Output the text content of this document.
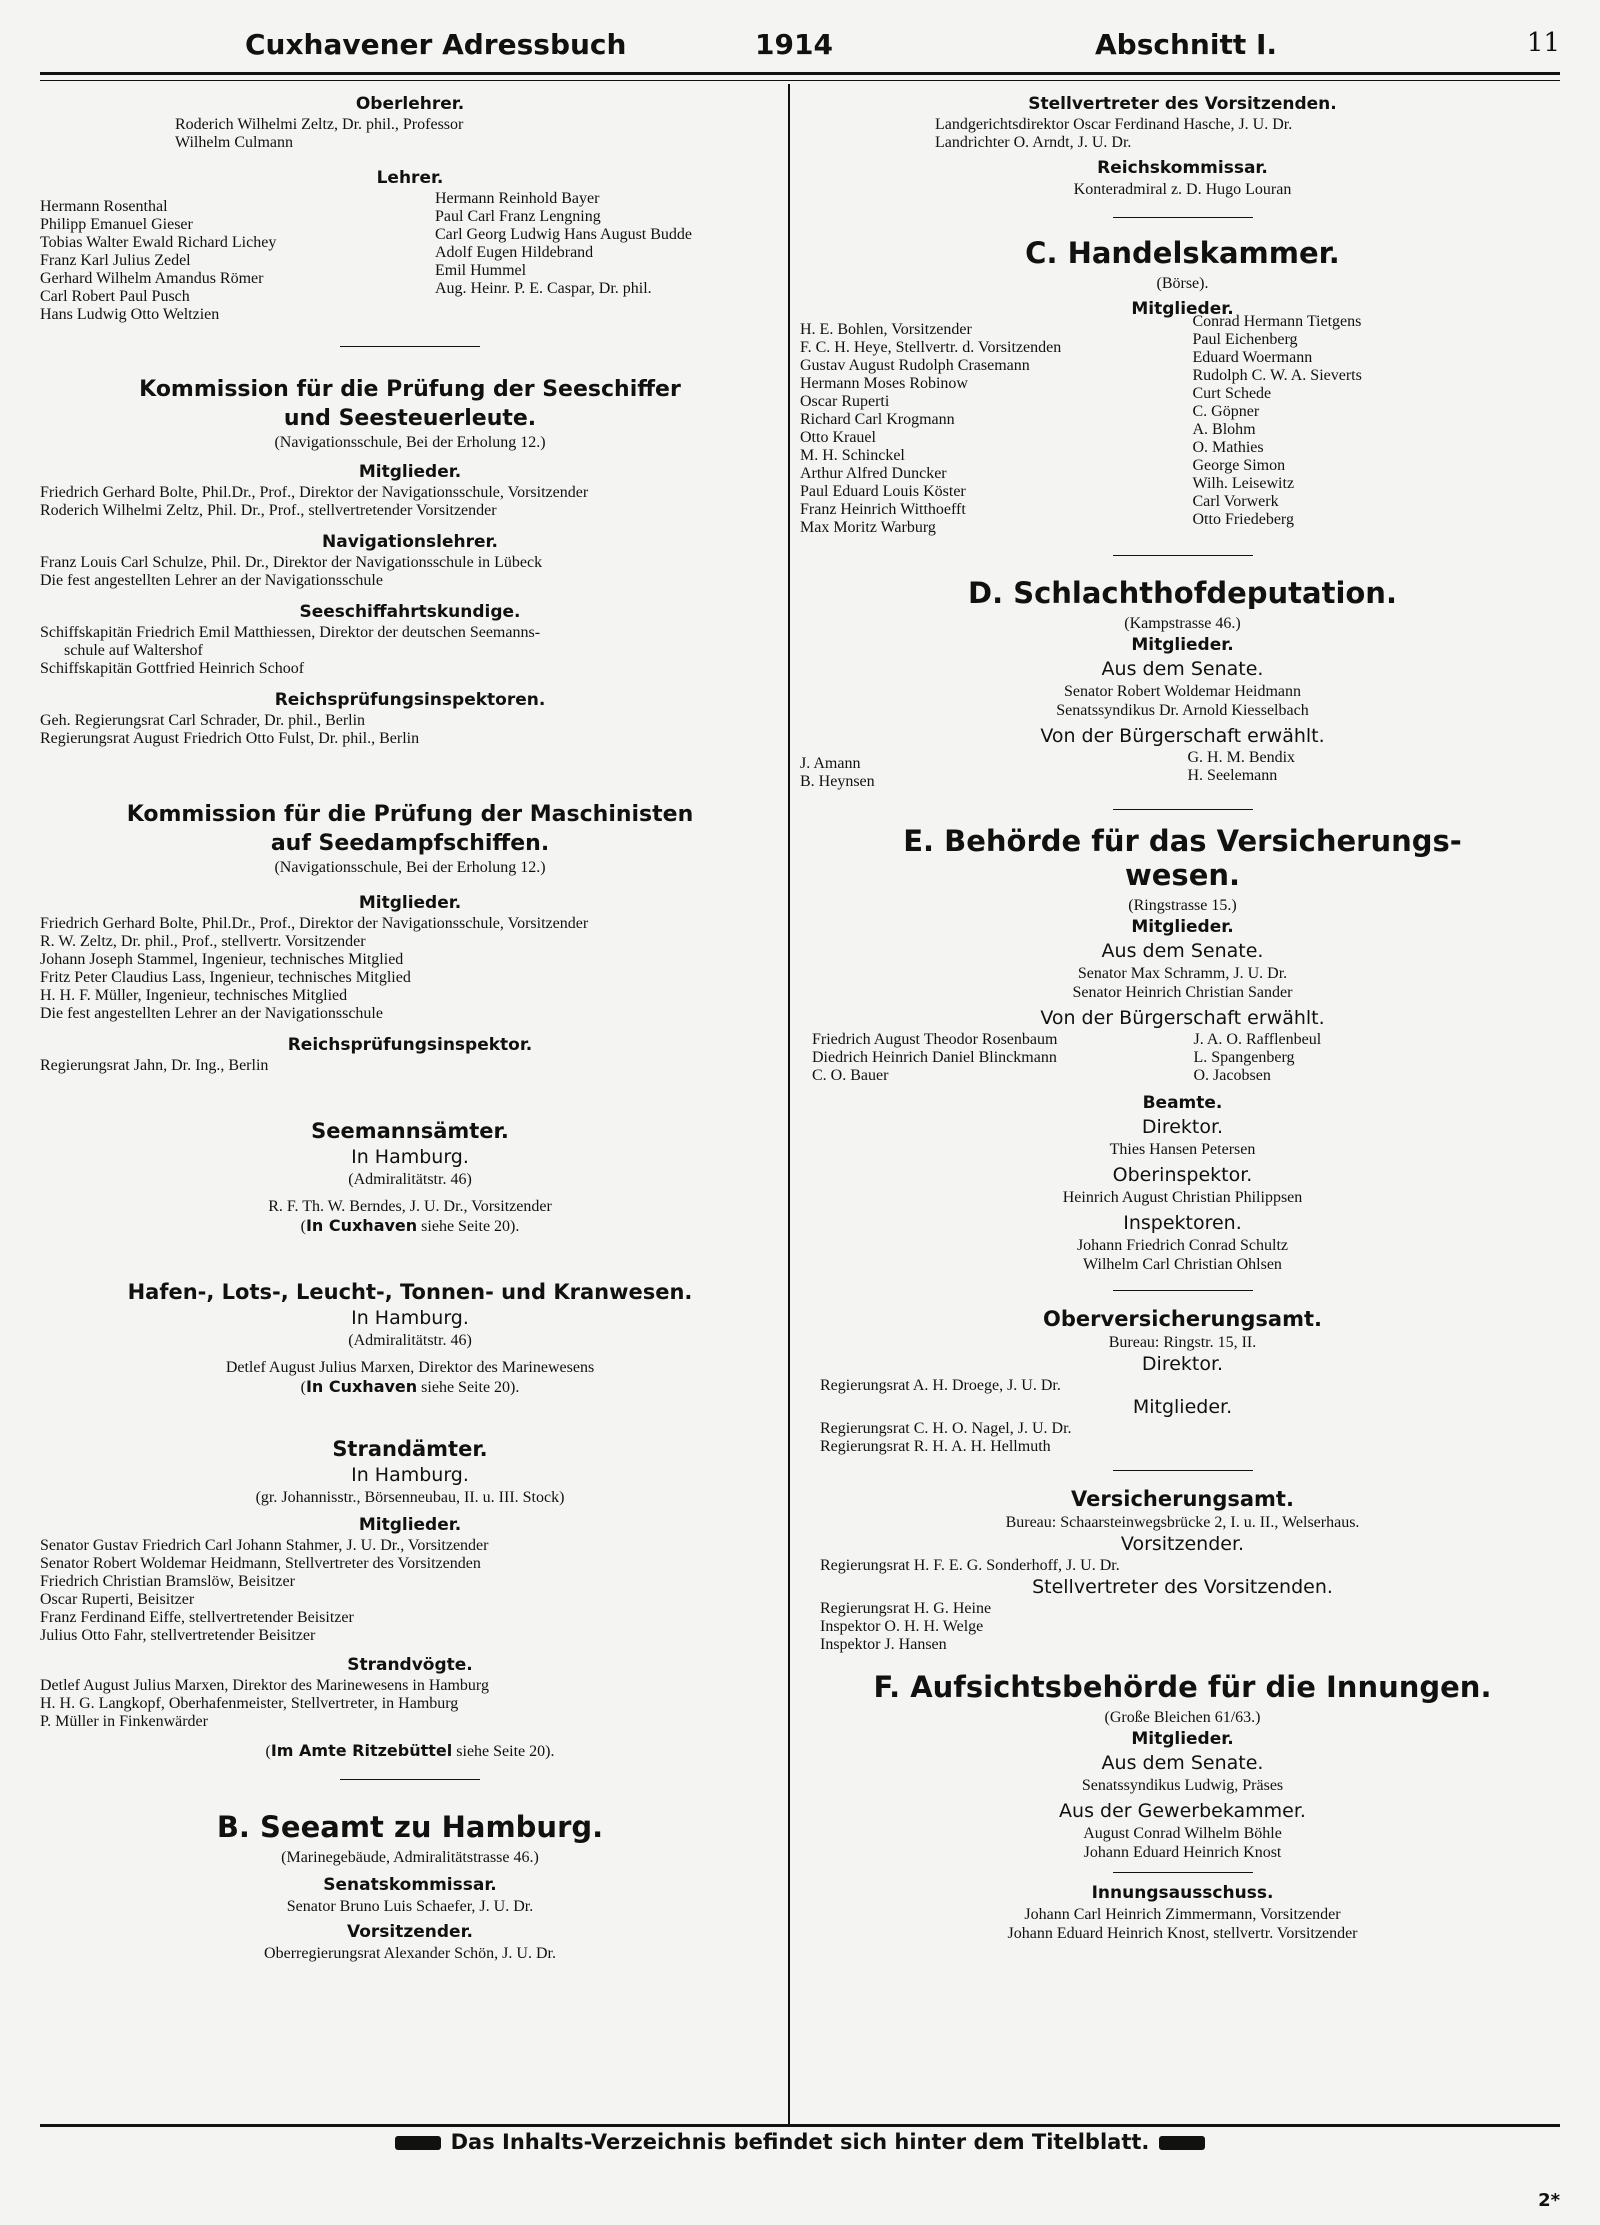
Cuxhavener Adressbuch	1914	Abschnitt I.	11
Oberlehrer.
Roderich Wilhelmi Zeltz, Dr. phil., Professor
Wilhelm Culmann
Lehrer.
Hermann Rosenthal
Philipp Emanuel Gieser
Tobias Walter Ewald Richard Lichey
Franz Karl Julius Zedel
Gerhard Wilhelm Amandus Römer
Carl Robert Paul Pusch
Hans Ludwig Otto Weltzien
Hermann Reinhold Bayer
Paul Carl Franz Lengning
Carl Georg Ludwig Hans August Budde
Adolf Eugen Hildebrand
Emil Hummel
Aug. Heinr. P. E. Caspar, Dr. phil.
Kommission für die Prüfung der Seeschiffer
und Seesteuerleute.
(Navigationsschule, Bei der Erholung 12.)
Mitglieder.
Friedrich Gerhard Bolte, Phil.Dr., Prof., Direktor der Navigationsschule, Vorsitzender
Roderich Wilhelmi Zeltz, Phil. Dr., Prof., stellvertretender Vorsitzender
Navigationslehrer.
Franz Louis Carl Schulze, Phil. Dr., Direktor der Navigationsschule in Lübeck
Die fest angestellten Lehrer an der Navigationsschule
Seeschiffahrtskundige.
Schiffskapitän Friedrich Emil Matthiessen, Direktor der deutschen Seemanns-
schule auf Waltershof
Schiffskapitän Gottfried Heinrich Schoof
Reichsprüfungsinspektoren.
Geh. Regierungsrat Carl Schrader, Dr. phil., Berlin
Regierungsrat August Friedrich Otto Fulst, Dr. phil., Berlin
Kommission für die Prüfung der Maschinisten
auf Seedampfschiffen.
(Navigationsschule, Bei der Erholung 12.)
Mitglieder.
Friedrich Gerhard Bolte, Phil.Dr., Prof., Direktor der Navigationsschule, Vorsitzender
R. W. Zeltz, Dr. phil., Prof., stellvertr. Vorsitzender
Johann Joseph Stammel, Ingenieur, technisches Mitglied
Fritz Peter Claudius Lass, Ingenieur, technisches Mitglied
H. H. F. Müller, Ingenieur, technisches Mitglied
Die fest angestellten Lehrer an der Navigationsschule
Reichsprüfungsinspektor.
Regierungsrat Jahn, Dr. Ing., Berlin
Seemannsämter.
In Hamburg.
(Admiralitätstr. 46)
R. F. Th. W. Berndes, J. U. Dr., Vorsitzender
(In Cuxhaven siehe Seite 20).
Hafen-, Lots-, Leucht-, Tonnen- und Kranwesen.
In Hamburg.
(Admiralitätstr. 46)
Detlef August Julius Marxen, Direktor des Marinewesens
(In Cuxhaven siehe Seite 20).
Strandämter.
In Hamburg.
(gr. Johannisstr., Börsenneubau, II. u. III. Stock)
Mitglieder.
Senator Gustav Friedrich Carl Johann Stahmer, J. U. Dr., Vorsitzender
Senator Robert Woldemar Heidmann, Stellvertreter des Vorsitzenden
Friedrich Christian Bramslöw, Beisitzer
Oscar Ruperti, Beisitzer
Franz Ferdinand Eiffe, stellvertretender Beisitzer
Julius Otto Fahr, stellvertretender Beisitzer
Strandvögte.
Detlef August Julius Marxen, Direktor des Marinewesens in Hamburg
H. H. G. Langkopf, Oberhafenmeister, Stellvertreter, in Hamburg
P. Müller in Finkenwärder
(Im Amte Ritzebüttel siehe Seite 20).
B. Seeamt zu Hamburg.
(Marinegebäude, Admiralitätstrasse 46.)
Senatskommissar.
Senator Bruno Luis Schaefer, J. U. Dr.
Vorsitzender.
Oberregierungsrat Alexander Schön, J. U. Dr.
Stellvertreter des Vorsitzenden.
Landgerichtsdirektor Oscar Ferdinand Hasche, J. U. Dr.
Landrichter O. Arndt, J. U. Dr.
Reichskommissar.
Konteradmiral z. D. Hugo Louran
C. Handelskammer.
(Börse).
Mitglieder.
H. E. Bohlen, Vorsitzender
F. C. H. Heye, Stellvertr. d. Vorsitzenden
Gustav August Rudolph Crasemann
Hermann Moses Robinow
Oscar Ruperti
Richard Carl Krogmann
Otto Krauel
M. H. Schinckel
Arthur Alfred Duncker
Paul Eduard Louis Köster
Franz Heinrich Witthoefft
Max Moritz Warburg
Conrad Hermann Tietgens
Paul Eichenberg
Eduard Woermann
Rudolph C. W. A. Sieverts
Curt Schede
C. Göpner
A. Blohm
O. Mathies
George Simon
Wilh. Leisewitz
Carl Vorwerk
Otto Friedeberg
D. Schlachthofdeputation.
(Kampstrasse 46.)
Mitglieder.
Aus dem Senate.
Senator Robert Woldemar Heidmann
Senatssyndikus Dr. Arnold Kiesselbach
Von der Bürgerschaft erwählt.
J. Amann
B. Heynsen
G. H. M. Bendix
H. Seelemann
E. Behörde für das Versicherungs-
wesen.
(Ringstrasse 15.)
Mitglieder.
Aus dem Senate.
Senator Max Schramm, J. U. Dr.
Senator Heinrich Christian Sander
Von der Bürgerschaft erwählt.
Friedrich August Theodor Rosenbaum
Diedrich Heinrich Daniel Blinckmann
C. O. Bauer
J. A. O. Rafflenbeul
L. Spangenberg
O. Jacobsen
Beamte.
Direktor.
Thies Hansen Petersen
Oberinspektor.
Heinrich August Christian Philippsen
Inspektoren.
Johann Friedrich Conrad Schultz
Wilhelm Carl Christian Ohlsen
Oberversicherungsamt.
Bureau: Ringstr. 15, II.
Direktor.
Regierungsrat A. H. Droege, J. U. Dr.
Mitglieder.
Regierungsrat C. H. O. Nagel, J. U. Dr.
Regierungsrat R. H. A. H. Hellmuth
Versicherungsamt.
Bureau: Schaarsteinwegsbrücke 2, I. u. II., Welserhaus.
Vorsitzender.
Regierungsrat H. F. E. G. Sonderhoff, J. U. Dr.
Stellvertreter des Vorsitzenden.
Regierungsrat H. G. Heine
Inspektor O. H. H. Welge
Inspektor J. Hansen
F. Aufsichtsbehörde für die Innungen.
(Große Bleichen 61/63.)
Mitglieder.
Aus dem Senate.
Senatssyndikus Ludwig, Präses
Aus der Gewerbekammer.
August Conrad Wilhelm Böhle
Johann Eduard Heinrich Knost
Innungsausschuss.
Johann Carl Heinrich Zimmermann, Vorsitzender
Johann Eduard Heinrich Knost, stellvertr. Vorsitzender
Das Inhalts-Verzeichnis befindet sich hinter dem Titelblatt.
2*
